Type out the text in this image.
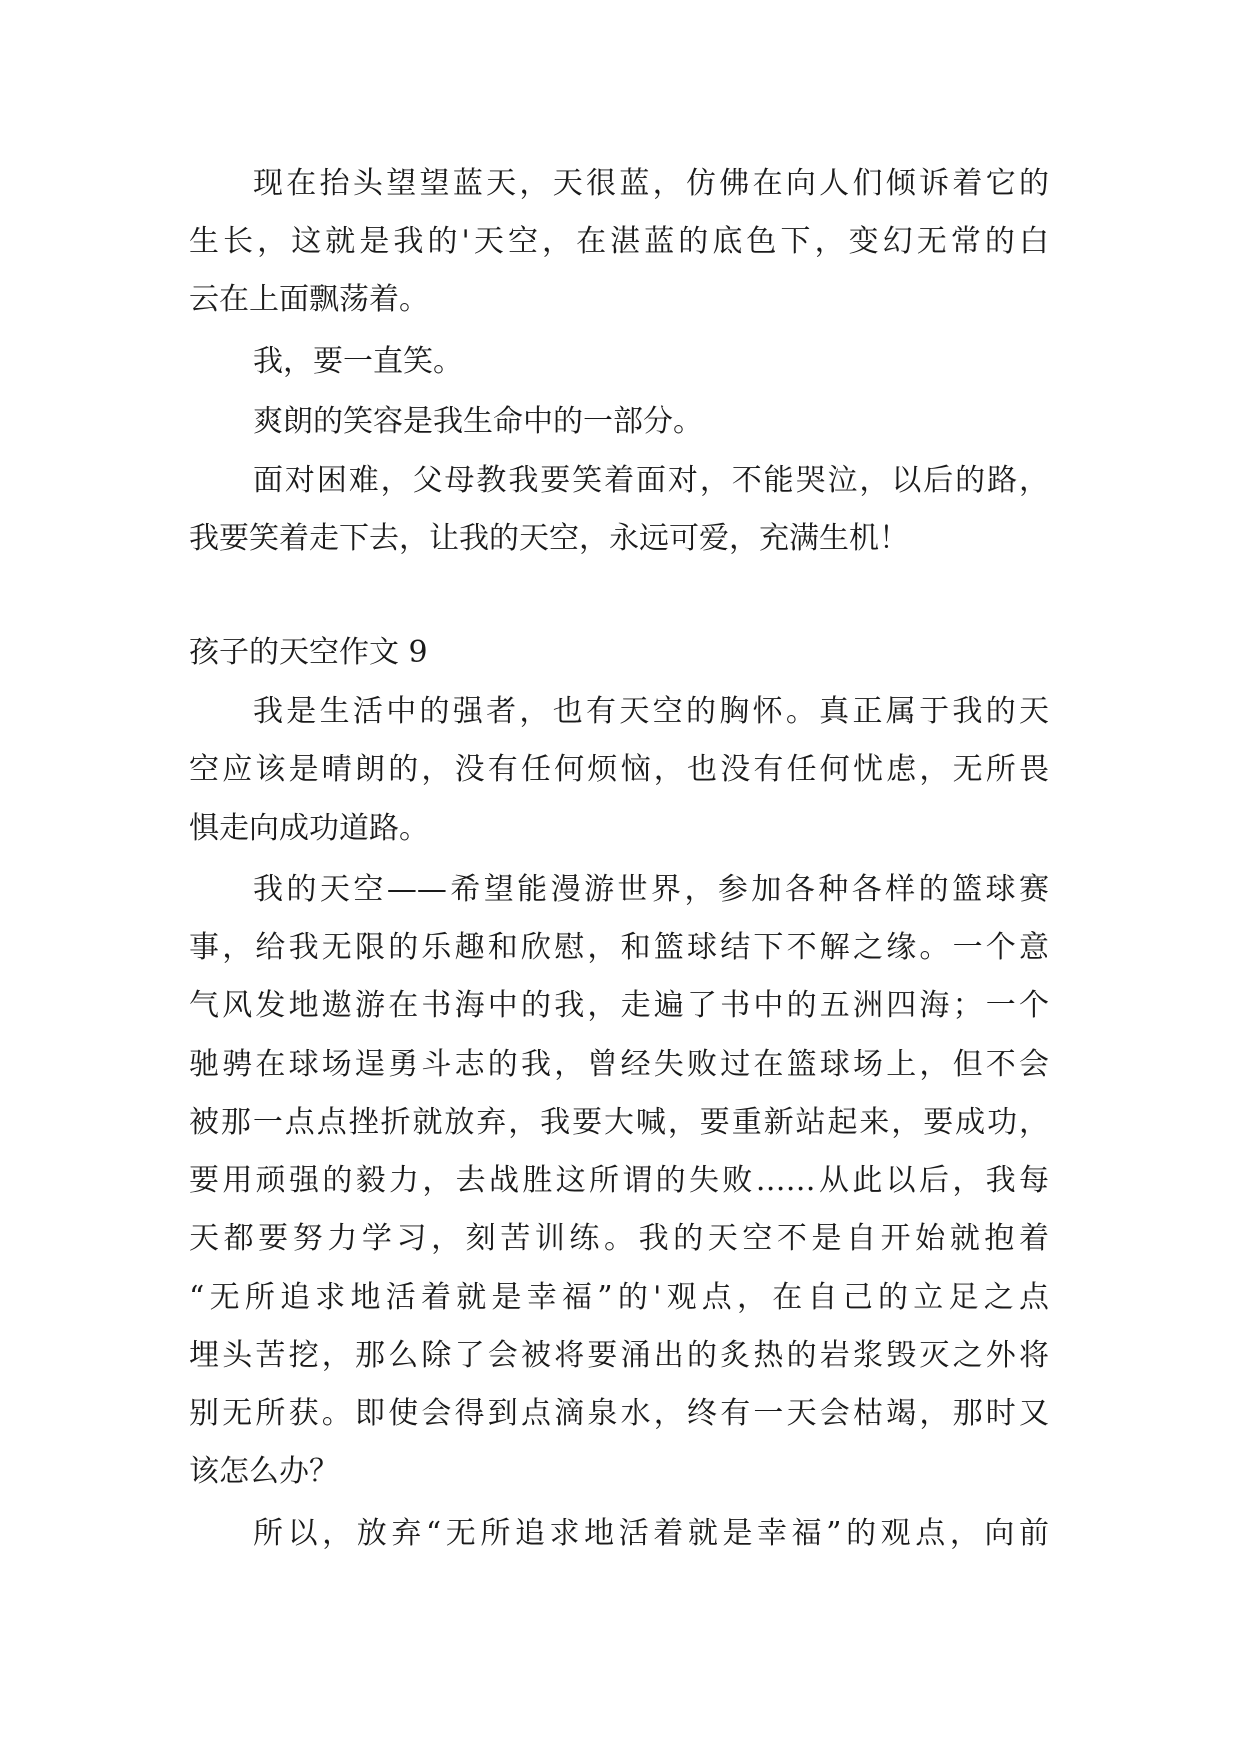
现在抬头望望蓝天，天很蓝，仿佛在向人们倾诉着它的
生长，这就是我的'天空，在湛蓝的底色下，变幻无常的白
云在上面飘荡着。
我，要一直笑。
爽朗的笑容是我生命中的一部分。
面对困难，父母教我要笑着面对，不能哭泣，以后的路，
我要笑着走下去，让我的天空，永远可爱，充满生机！
孩子的天空作文 9
我是生活中的强者，也有天空的胸怀。真正属于我的天
空应该是晴朗的，没有任何烦恼，也没有任何忧虑，无所畏
惧走向成功道路。
我的天空——希望能漫游世界，参加各种各样的篮球赛
事，给我无限的乐趣和欣慰，和篮球结下不解之缘。一个意
气风发地遨游在书海中的我，走遍了书中的五洲四海；一个
驰骋在球场逞勇斗志的我，曾经失败过在篮球场上，但不会
被那一点点挫折就放弃，我要大喊，要重新站起来，要成功，
要用顽强的毅力，去战胜这所谓的失败……从此以后，我每
天都要努力学习，刻苦训练。我的天空不是自开始就抱着
“无所追求地活着就是幸福”的'观点，在自己的立足之点
埋头苦挖，那么除了会被将要涌出的炙热的岩浆毁灭之外将
别无所获。即使会得到点滴泉水，终有一天会枯竭，那时又
该怎么办？
所以，放弃“无所追求地活着就是幸福”的观点，向前
